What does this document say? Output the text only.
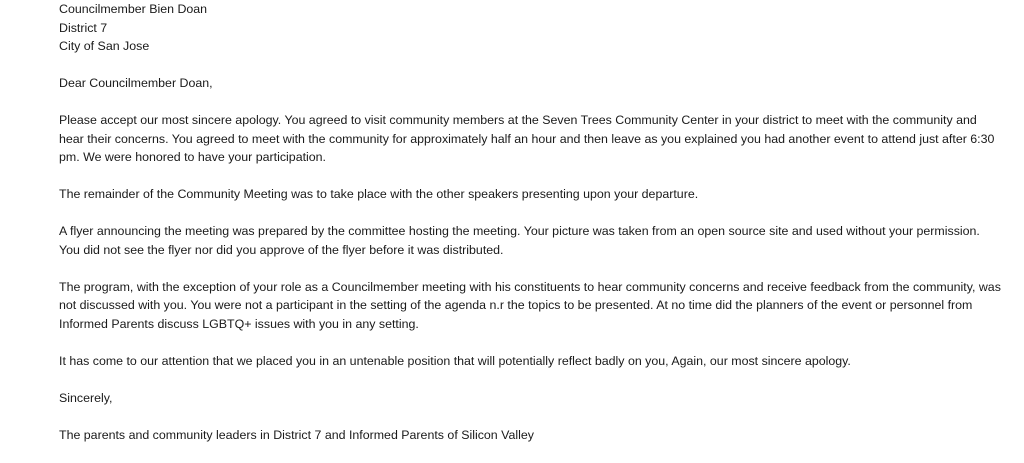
Councilmember Bien Doan
District 7
City of San Jose

Dear Councilmember Doan,

Please accept our most sincere apology. You agreed to visit community members at the Seven Trees Community Center in your district to meet with the community and
hear their concerns. You agreed to meet with the community for approximately half an hour and then leave as you explained you had another event to attend just after 6:30
pm. We were honored to have your participation.

The remainder of the Community Meeting was to take place with the other speakers presenting upon your departure.

A flyer announcing the meeting was prepared by the committee hosting the meeting. Your picture was taken from an open source site and used without your permission.
You did not see the flyer nor did you approve of the flyer before it was distributed.

The program, with the exception of your role as a Councilmember meeting with his constituents to hear community concerns and receive feedback from the community, was
not discussed with you. You were not a participant in the setting of the agenda n.r the topics to be presented. At no time did the planners of the event or personnel from
Informed Parents discuss LGBTQ+ issues with you in any setting.

It has come to our attention that we placed you in an untenable position that will potentially reflect badly on you, Again, our most sincere apology.

Sincerely,

The parents and community leaders in District 7 and Informed Parents of Silicon Valley
